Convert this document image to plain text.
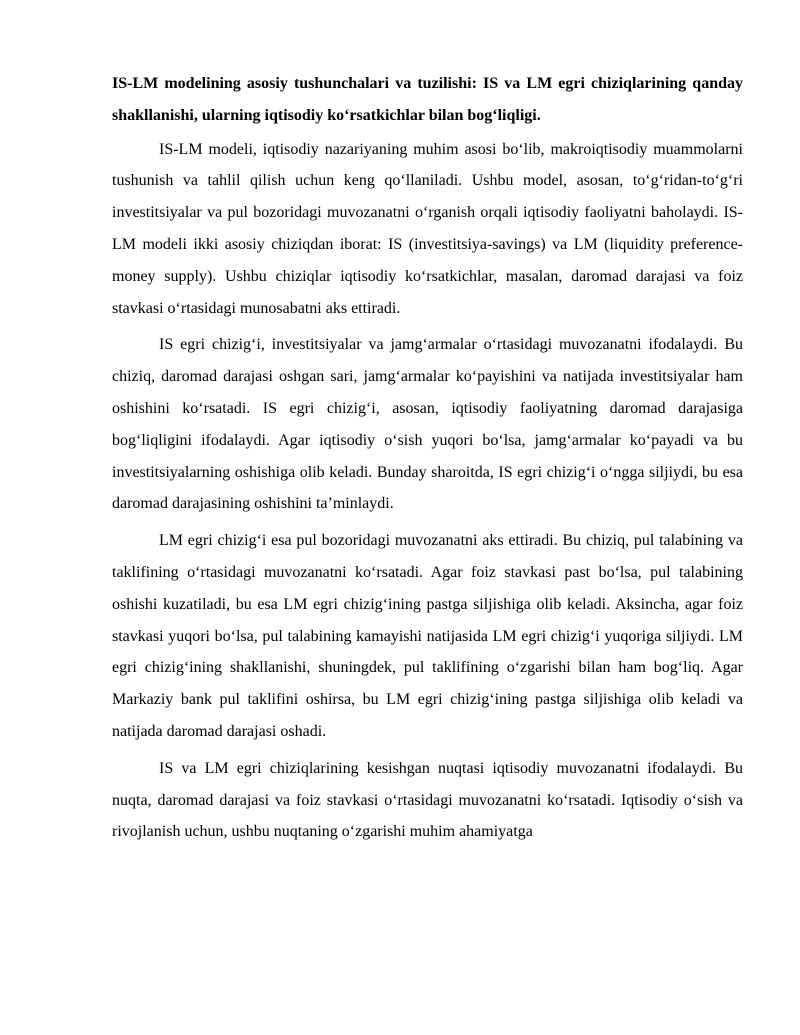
IS-LM modelining asosiy tushunchalari va tuzilishi: IS va LM egri chiziqlarining qanday shakllanishi, ularning iqtisodiy ko‘rsatkichlar bilan bog‘liqligi.

IS-LM modeli, iqtisodiy nazariyaning muhim asosi bo‘lib, makroiqtisodiy muammolarni tushunish va tahlil qilish uchun keng qo‘llaniladi. Ushbu model, asosan, to‘g‘ridan-to‘g‘ri investitsiyalar va pul bozoridagi muvozanatni o‘rganish orqali iqtisodiy faoliyatni baholaydi. IS-LM modeli ikki asosiy chiziqdan iborat: IS (investitsiya-savings) va LM (liquidity preference-money supply). Ushbu chiziqlar iqtisodiy ko‘rsatkichlar, masalan, daromad darajasi va foiz stavkasi o‘rtasidagi munosabatni aks ettiradi.

IS egri chizig‘i, investitsiyalar va jamg‘armalar o‘rtasidagi muvozanatni ifodalaydi. Bu chiziq, daromad darajasi oshgan sari, jamg‘armalar ko‘payishini va natijada investitsiyalar ham oshishini ko‘rsatadi. IS egri chizig‘i, asosan, iqtisodiy faoliyatning daromad darajasiga bog‘liqligini ifodalaydi. Agar iqtisodiy o‘sish yuqori bo‘lsa, jamg‘armalar ko‘payadi va bu investitsiyalarning oshishiga olib keladi. Bunday sharoitda, IS egri chizig‘i o‘ngga siljiydi, bu esa daromad darajasining oshishini ta’minlaydi.

LM egri chizig‘i esa pul bozoridagi muvozanatni aks ettiradi. Bu chiziq, pul talabining va taklifining o‘rtasidagi muvozanatni ko‘rsatadi. Agar foiz stavkasi past bo‘lsa, pul talabining oshishi kuzatiladi, bu esa LM egri chizig‘ining pastga siljishiga olib keladi. Aksincha, agar foiz stavkasi yuqori bo‘lsa, pul talabining kamayishi natijasida LM egri chizig‘i yuqoriga siljiydi. LM egri chizig‘ining shakllanishi, shuningdek, pul taklifining o‘zgarishi bilan ham bog‘liq. Agar Markaziy bank pul taklifini oshirsa, bu LM egri chizig‘ining pastga siljishiga olib keladi va natijada daromad darajasi oshadi.

IS va LM egri chiziqlarining kesishgan nuqtasi iqtisodiy muvozanatni ifodalaydi. Bu nuqta, daromad darajasi va foiz stavkasi o‘rtasidagi muvozanatni ko‘rsatadi. Iqtisodiy o‘sish va rivojlanish uchun, ushbu nuqtaning o‘zgarishi muhim ahamiyatga
